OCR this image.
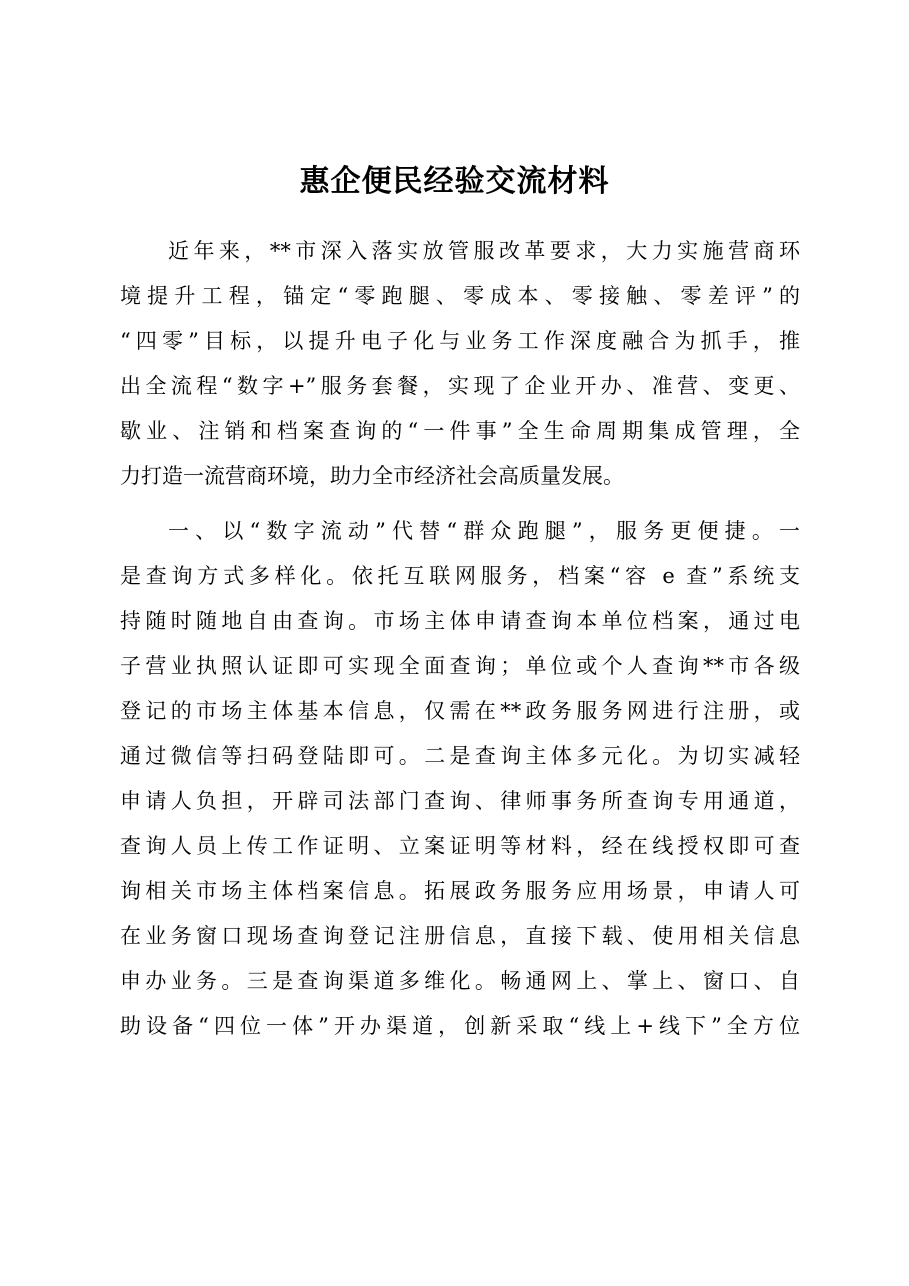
惠企便民经验交流材料
近年来，**市深入落实放管服改革要求，大力实施营商环
境提升工程，锚定“零跑腿、零成本、零接触、零差评”的
“四零”目标，以提升电子化与业务工作深度融合为抓手，推
出全流程“数字+”服务套餐，实现了企业开办、准营、变更、
歇业、注销和档案查询的“一件事”全生命周期集成管理，全
力打造一流营商环境，助力全市经济社会高质量发展。
一、以“数字流动”代替“群众跑腿”，服务更便捷。一
是查询方式多样化。依托互联网服务，档案“容 e 查”系统支
持随时随地自由查询。市场主体申请查询本单位档案，通过电
子营业执照认证即可实现全面查询；单位或个人查询**市各级
登记的市场主体基本信息，仅需在**政务服务网进行注册，或
通过微信等扫码登陆即可。二是查询主体多元化。为切实减轻
申请人负担，开辟司法部门查询、律师事务所查询专用通道，
查询人员上传工作证明、立案证明等材料，经在线授权即可查
询相关市场主体档案信息。拓展政务服务应用场景，申请人可
在业务窗口现场查询登记注册信息，直接下载、使用相关信息
申办业务。三是查询渠道多维化。畅通网上、掌上、窗口、自
助设备“四位一体”开办渠道，创新采取“线上+线下”全方位
